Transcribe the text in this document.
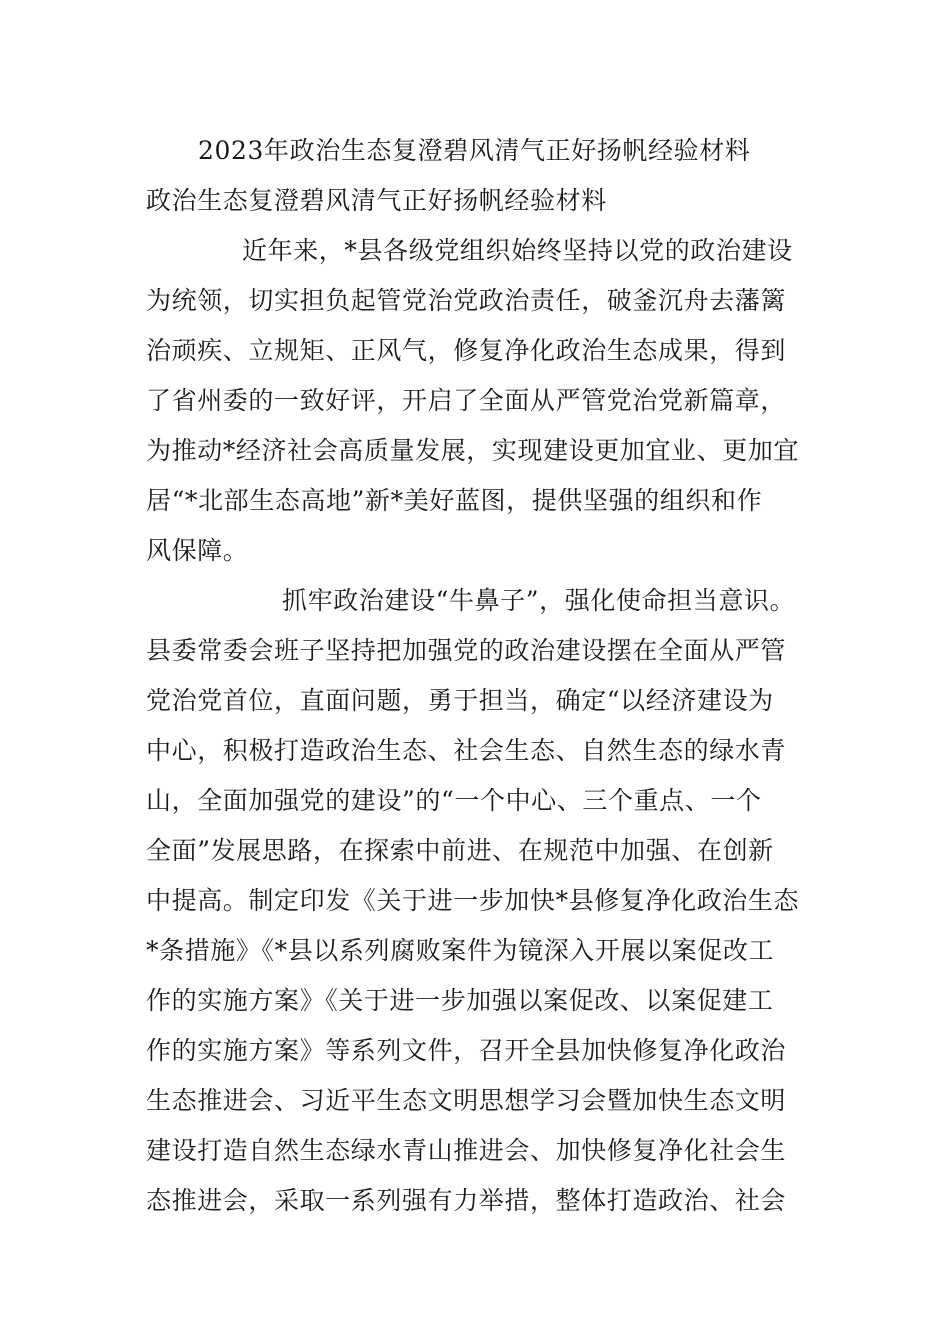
2023年政治生态复澄碧风清气正好扬帆经验材料
政治生态复澄碧风清气正好扬帆经验材料
近年来，*县各级党组织始终坚持以党的政治建设
为统领，切实担负起管党治党政治责任，破釜沉舟去藩篱
治顽疾、立规矩、正风气，修复净化政治生态成果，得到
了省州委的一致好评，开启了全面从严管党治党新篇章，
为推动*经济社会高质量发展，实现建设更加宜业、更加宜
居“*北部生态高地”新*美好蓝图，提供坚强的组织和作
风保障。
抓牢政治建设“牛鼻子”，强化使命担当意识。
县委常委会班子坚持把加强党的政治建设摆在全面从严管
党治党首位，直面问题，勇于担当，确定“以经济建设为
中心，积极打造政治生态、社会生态、自然生态的绿水青
山，全面加强党的建设”的“一个中心、三个重点、一个
全面”发展思路，在探索中前进、在规范中加强、在创新
中提高。制定印发《关于进一步加快*县修复净化政治生态
*条措施》《*县以系列腐败案件为镜深入开展以案促改工
作的实施方案》《关于进一步加强以案促改、以案促建工
作的实施方案》等系列文件，召开全县加快修复净化政治
生态推进会、习近平生态文明思想学习会暨加快生态文明
建设打造自然生态绿水青山推进会、加快修复净化社会生
态推进会，采取一系列强有力举措，整体打造政治、社会
